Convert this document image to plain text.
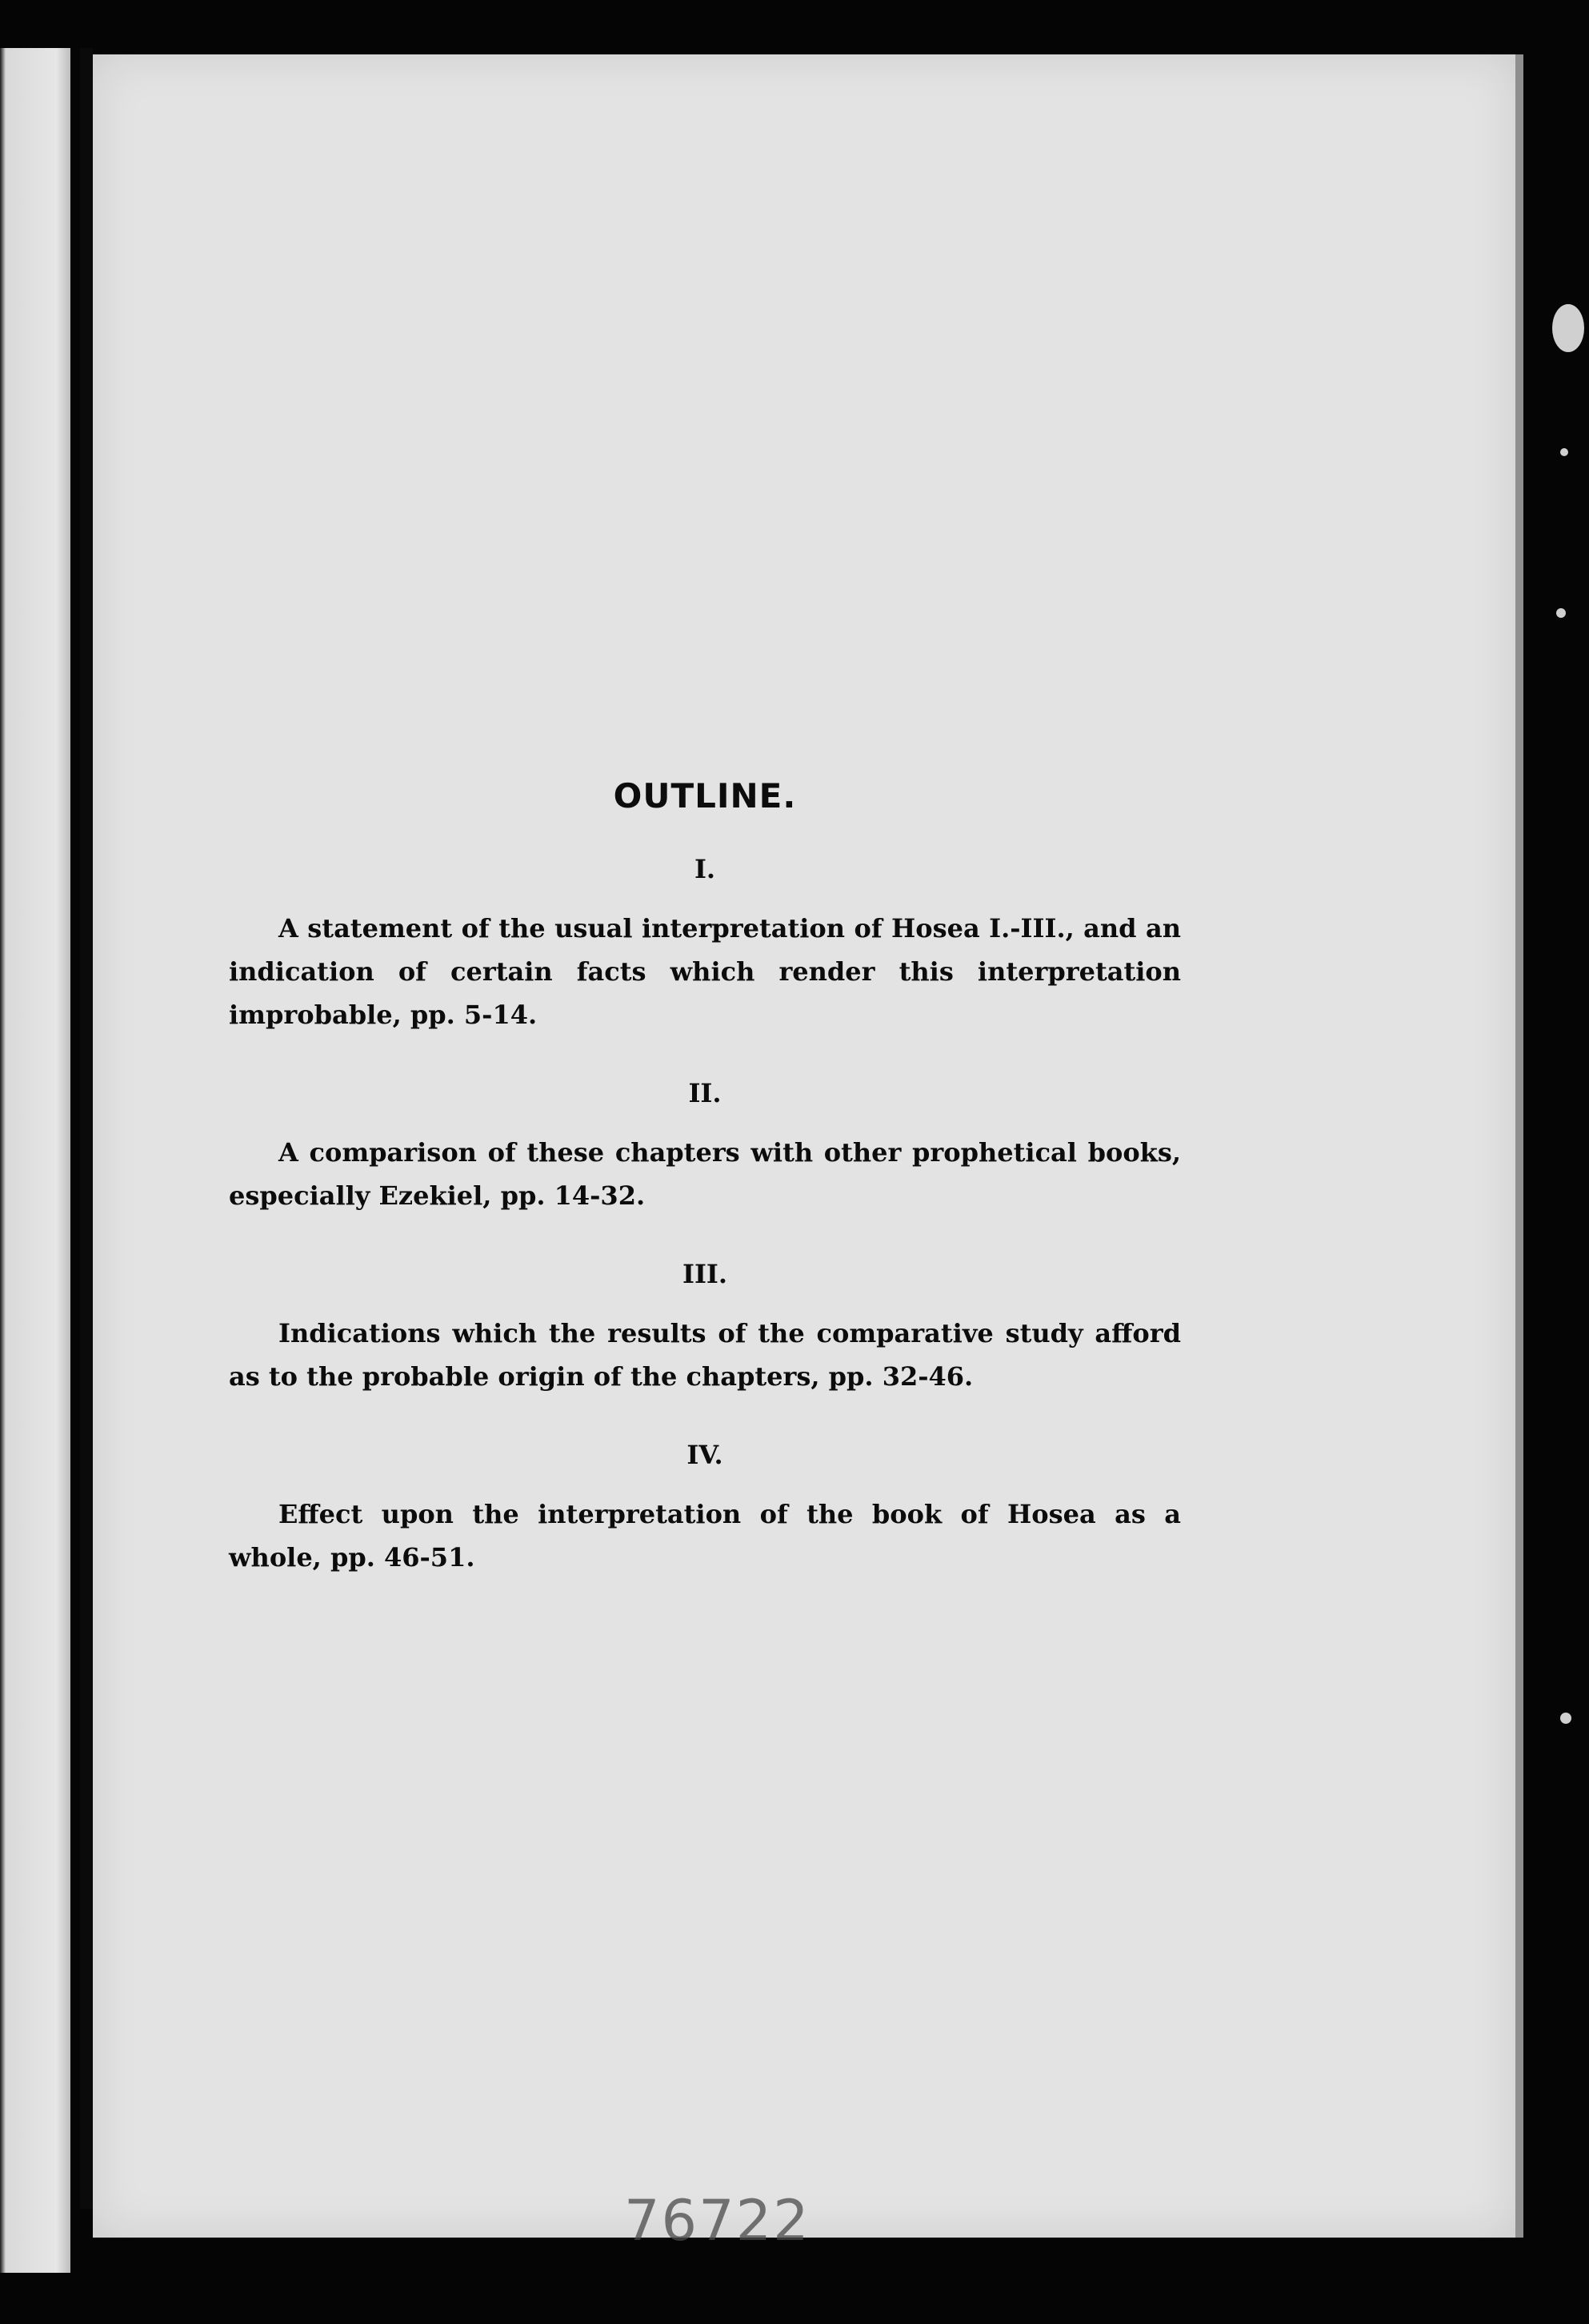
OUTLINE.
I.
A statement of the usual interpretation of Hosea I.-III., and an indication of certain facts which render this interpretation improbable, pp. 5-14.
II.
A comparison of these chapters with other prophetical books, especially Ezekiel, pp. 14-32.
III.
Indications which the results of the comparative study afford as to the probable origin of the chapters, pp. 32-46.
IV.
Effect upon the interpretation of the book of Hosea as a whole, pp. 46-51.
76722
